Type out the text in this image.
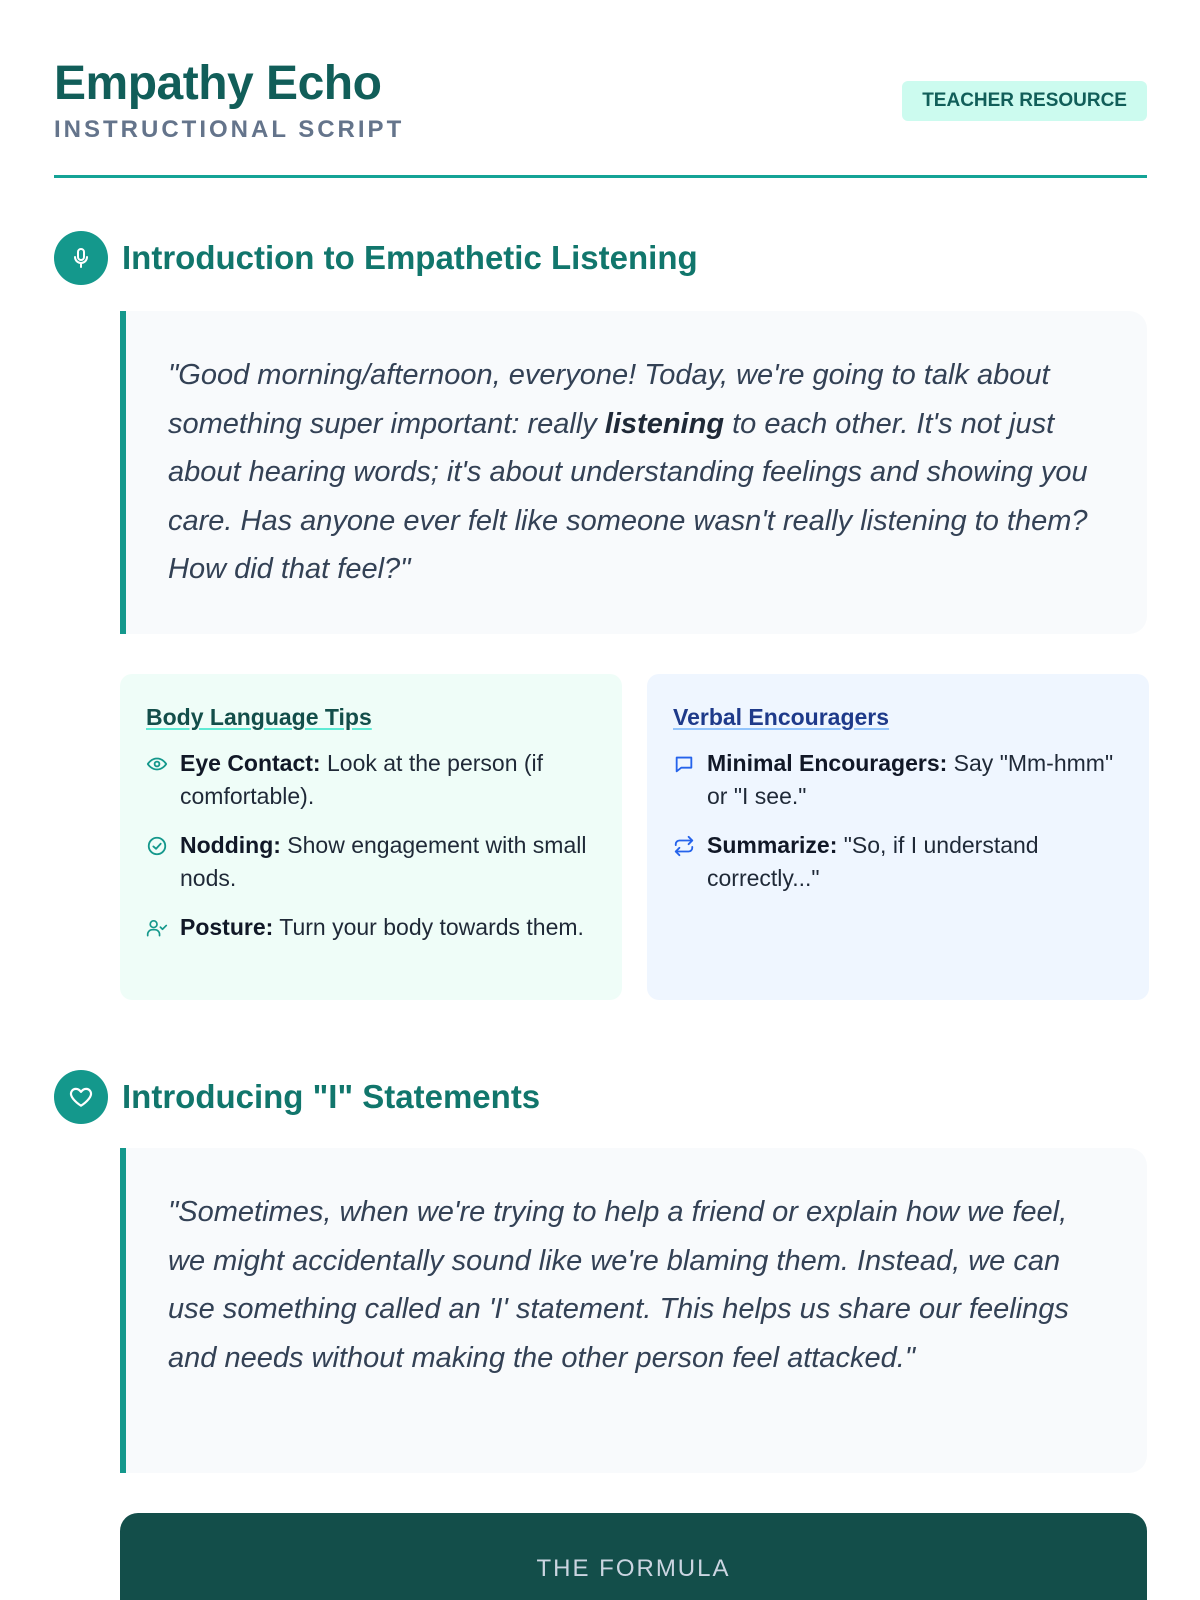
Empathy Echo
INSTRUCTIONAL SCRIPT
TEACHER RESOURCE
Introduction to Empathetic Listening
"Good morning/afternoon, everyone! Today, we're going to talk about something super important: really listening to each other. It's not just about hearing words; it's about understanding feelings and showing you care. Has anyone ever felt like someone wasn't really listening to them? How did that feel?"
Body Language Tips
Eye Contact: Look at the person (if comfortable).
Nodding: Show engagement with small nods.
Posture: Turn your body towards them.
Verbal Encouragers
Minimal Encouragers: Say "Mm-hmm" or "I see."
Summarize: "So, if I understand correctly..."
Introducing "I" Statements
"Sometimes, when we're trying to help a friend or explain how we feel, we might accidentally sound like we're blaming them. Instead, we can use something called an 'I' statement. This helps us share our feelings and needs without making the other person feel attacked."
THE FORMULA
